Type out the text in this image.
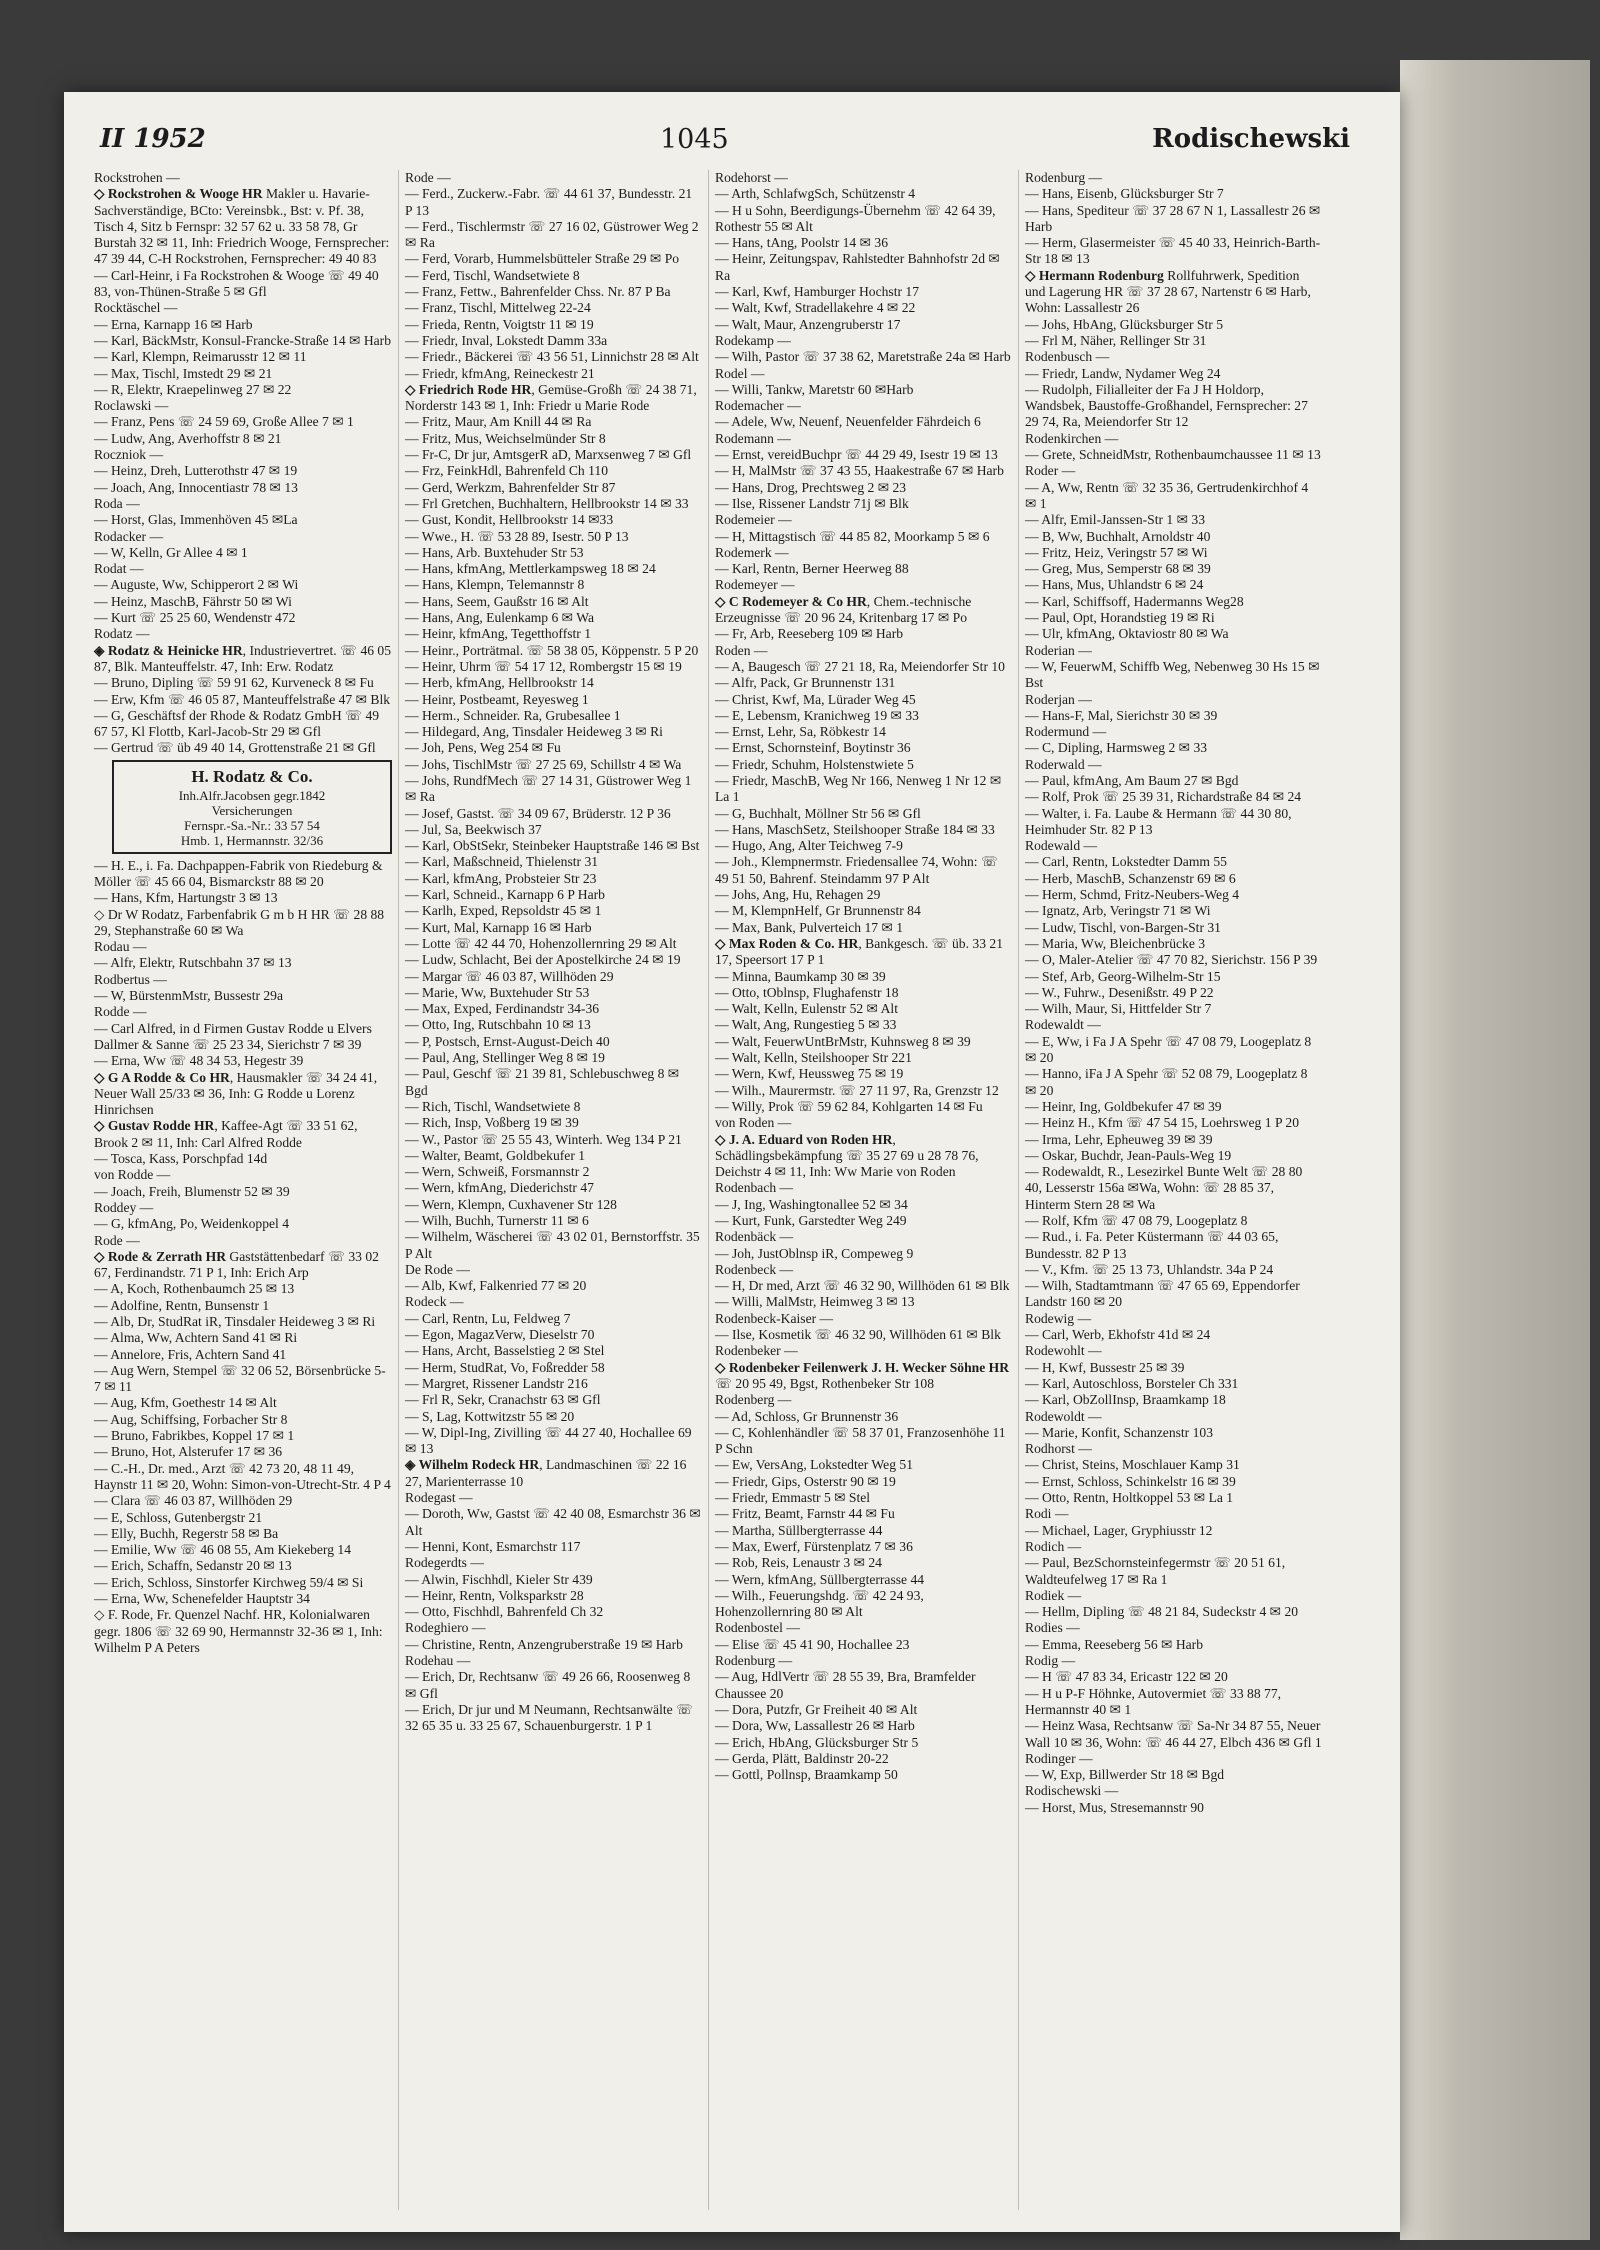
II 1952	1045	Rodischewski
Rockstrohen —
◇ Rockstrohen & Wooge HR Makler u. Havarie-Sachverständige, BCto: Vereinsbk., Bst: v. Pf. 38, Tisch 4, Sitz b Fernspr: 32 57 62 u. 33 58 78, Gr Burstah 32 ✉ 11, Inh: Friedrich Wooge, Fernsprecher: 47 39 44, C-H Rockstrohen, Fernsprecher: 49 40 83
— Carl-Heinr, i Fa Rockstrohen & Wooge ☏ 49 40 83, von-Thünen-Straße 5 ✉ Gfl
Rocktäschel —
— Erna, Karnapp 16 ✉ Harb
— Karl, BäckMstr, Konsul-Francke-Straße 14 ✉ Harb
— Karl, Klempn, Reimarusstr 12 ✉ 11
— Max, Tischl, Imstedt 29 ✉ 21
— R, Elektr, Kraepelinweg 27 ✉ 22
Roclawski —
— Franz, Pens ☏ 24 59 69, Große Allee 7 ✉ 1
— Ludw, Ang, Averhoffstr 8 ✉ 21
Roczniok —
— Heinz, Dreh, Lutterothstr 47 ✉ 19
— Joach, Ang, Innocentiastr 78 ✉ 13
Roda —
— Horst, Glas, Immenhöven 45 ✉La
Rodacker —
— W, Kelln, Gr Allee 4 ✉ 1
Rodat —
— Auguste, Ww, Schipperort 2 ✉ Wi
— Heinz, MaschB, Fährstr 50 ✉ Wi
— Kurt ☏ 25 25 60, Wendenstr 472
Rodatz —
◈ Rodatz & Heinicke HR, Industrievertret. ☏ 46 05 87, Blk. Manteuffelstr. 47, Inh: Erw. Rodatz
— Bruno, Dipling ☏ 59 91 62, Kurveneck 8 ✉ Fu
— Erw, Kfm ☏ 46 05 87, Manteuffelstraße 47 ✉ Blk
— G, Geschäftsf der Rhode & Rodatz GmbH ☏ 49 67 57, Kl Flottb, Karl-Jacob-Str 29 ✉ Gfl
— Gertrud ☏ üb 49 40 14, Grottenstraße 21 ✉ Gfl
H. Rodatz & Co.
Inh.Alfr.Jacobsen gegr.1842
Versicherungen
Fernspr.-Sa.-Nr.: 33 57 54
Hmb. 1, Hermannstr. 32/36
— H. E., i. Fa. Dachpappen-Fabrik von Riedeburg & Möller ☏ 45 66 04, Bismarckstr 88 ✉ 20
— Hans, Kfm, Hartungstr 3 ✉ 13
◇ Dr W Rodatz, Farbenfabrik G m b H HR ☏ 28 88 29, Stephanstraße 60 ✉ Wa
Rodau —
— Alfr, Elektr, Rutschbahn 37 ✉ 13
Rodbertus —
— W, BürstenmMstr, Bussestr 29a
Rodde —
— Carl Alfred, in d Firmen Gustav Rodde u Elvers Dallmer & Sanne ☏ 25 23 34, Sierichstr 7 ✉ 39
— Erna, Ww ☏ 48 34 53, Hegestr 39
◇ G A Rodde & Co HR, Hausmakler ☏ 34 24 41, Neuer Wall 25/33 ✉ 36, Inh: G Rodde u Lorenz Hinrichsen
◇ Gustav Rodde HR, Kaffee-Agt ☏ 33 51 62, Brook 2 ✉ 11, Inh: Carl Alfred Rodde
— Tosca, Kass, Porschpfad 14d
von Rodde —
— Joach, Freih, Blumenstr 52 ✉ 39
Roddey —
— G, kfmAng, Po, Weidenkoppel 4
Rode —
◇ Rode & Zerrath HR Gaststättenbedarf ☏ 33 02 67, Ferdinandstr. 71 P 1, Inh: Erich Arp
— A, Koch, Rothenbaumch 25 ✉ 13
— Adolfine, Rentn, Bunsenstr 1
— Alb, Dr, StudRat iR, Tinsdaler Heideweg 3 ✉ Ri
— Alma, Ww, Achtern Sand 41 ✉ Ri
— Annelore, Fris, Achtern Sand 41
— Aug Wern, Stempel ☏ 32 06 52, Börsenbrücke 5-7 ✉ 11
— Aug, Kfm, Goethestr 14 ✉ Alt
— Aug, Schiffsing, Forbacher Str 8
— Bruno, Fabrikbes, Koppel 17 ✉ 1
— Bruno, Hot, Alsterufer 17 ✉ 36
— C.-H., Dr. med., Arzt ☏ 42 73 20, 48 11 49, Haynstr 11 ✉ 20, Wohn: Simon-von-Utrecht-Str. 4 P 4
— Clara ☏ 46 03 87, Willhöden 29
— E, Schloss, Gutenbergstr 21
— Elly, Buchh, Regerstr 58 ✉ Ba
— Emilie, Ww ☏ 46 08 55, Am Kiekeberg 14
— Erich, Schaffn, Sedanstr 20 ✉ 13
— Erich, Schloss, Sinstorfer Kirchweg 59/4 ✉ Si
— Erna, Ww, Schenefelder Hauptstr 34
◇ F. Rode, Fr. Quenzel Nachf. HR, Kolonialwaren gegr. 1806 ☏ 32 69 90, Hermannstr 32-36 ✉ 1, Inh: Wilhelm P A Peters
Rode —
— Ferd., Zuckerw.-Fabr. ☏ 44 61 37, Bundesstr. 21 P 13
— Ferd., Tischlermstr ☏ 27 16 02, Güstrower Weg 2 ✉ Ra
— Ferd, Vorarb, Hummelsbütteler Straße 29 ✉ Po
— Ferd, Tischl, Wandsetwiete 8
— Franz, Fettw., Bahrenfelder Chss. Nr. 87 P Ba
— Franz, Tischl, Mittelweg 22-24
— Frieda, Rentn, Voigtstr 11 ✉ 19
— Friedr, Inval, Lokstedt Damm 33a
— Friedr., Bäckerei ☏ 43 56 51, Linnichstr 28 ✉ Alt
— Friedr, kfmAng, Reineckestr 21
◇ Friedrich Rode HR, Gemüse-Großh ☏ 24 38 71, Norderstr 143 ✉ 1, Inh: Friedr u Marie Rode
— Fritz, Maur, Am Knill 44 ✉ Ra
— Fritz, Mus, Weichselmünder Str 8
— Fr-C, Dr jur, AmtsgerR aD, Marxsenweg 7 ✉ Gfl
— Frz, FeinkHdl, Bahrenfeld Ch 110
— Gerd, Werkzm, Bahrenfelder Str 87
— Frl Gretchen, Buchhaltern, Hellbrookstr 14 ✉ 33
— Gust, Kondit, Hellbrookstr 14 ✉33
— Wwe., H. ☏ 53 28 89, Isestr. 50 P 13
— Hans, Arb. Buxtehuder Str 53
— Hans, kfmAng, Mettlerkampsweg 18 ✉ 24
— Hans, Klempn, Telemannstr 8
— Hans, Seem, Gaußstr 16 ✉ Alt
— Hans, Ang, Eulenkamp 6 ✉ Wa
— Heinr, kfmAng, Tegetthoffstr 1
— Heinr., Porträtmal. ☏ 58 38 05, Köppenstr. 5 P 20
— Heinr, Uhrm ☏ 54 17 12, Rombergstr 15 ✉ 19
— Herb, kfmAng, Hellbrookstr 14
— Heinr, Postbeamt, Reyesweg 1
— Herm., Schneider. Ra, Grubesallee 1
— Hildegard, Ang, Tinsdaler Heideweg 3 ✉ Ri
— Joh, Pens, Weg 254 ✉ Fu
— Johs, TischlMstr ☏ 27 25 69, Schillstr 4 ✉ Wa
— Johs, RundfMech ☏ 27 14 31, Güstrower Weg 1 ✉ Ra
— Josef, Gastst. ☏ 34 09 67, Brüderstr. 12 P 36
— Jul, Sa, Beekwisch 37
— Karl, ObStSekr, Steinbeker Hauptstraße 146 ✉ Bst
— Karl, Maßschneid, Thielenstr 31
— Karl, kfmAng, Probsteier Str 23
— Karl, Schneid., Karnapp 6 P Harb
— Karlh, Exped, Repsoldstr 45 ✉ 1
— Kurt, Mal, Karnapp 16 ✉ Harb
— Lotte ☏ 42 44 70, Hohenzollernring 29 ✉ Alt
— Ludw, Schlacht, Bei der Apostelkirche 24 ✉ 19
— Margar ☏ 46 03 87, Willhöden 29
— Marie, Ww, Buxtehuder Str 53
— Max, Exped, Ferdinandstr 34-36
— Otto, Ing, Rutschbahn 10 ✉ 13
— P, Postsch, Ernst-August-Deich 40
— Paul, Ang, Stellinger Weg 8 ✉ 19
— Paul, Geschf ☏ 21 39 81, Schlebuschweg 8 ✉ Bgd
— Rich, Tischl, Wandsetwiete 8
— Rich, Insp, Voßberg 19 ✉ 39
— W., Pastor ☏ 25 55 43, Winterh. Weg 134 P 21
— Walter, Beamt, Goldbekufer 1
— Wern, Schweiß, Forsmannstr 2
— Wern, kfmAng, Diederichstr 47
— Wern, Klempn, Cuxhavener Str 128
— Wilh, Buchh, Turnerstr 11 ✉ 6
— Wilhelm, Wäscherei ☏ 43 02 01, Bernstorffstr. 35 P Alt
De Rode —
— Alb, Kwf, Falkenried 77 ✉ 20
Rodeck —
— Carl, Rentn, Lu, Feldweg 7
— Egon, MagazVerw, Dieselstr 70
— Hans, Archt, Basselstieg 2 ✉ Stel
— Herm, StudRat, Vo, Foßredder 58
— Margret, Rissener Landstr 216
— Frl R, Sekr, Cranachstr 63 ✉ Gfl
— S, Lag, Kottwitzstr 55 ✉ 20
— W, Dipl-Ing, Zivilling ☏ 44 27 40, Hochallee 69 ✉ 13
◈ Wilhelm Rodeck HR, Landmaschinen ☏ 22 16 27, Marienterrasse 10
Rodegast —
— Doroth, Ww, Gastst ☏ 42 40 08, Esmarchstr 36 ✉ Alt
— Henni, Kont, Esmarchstr 117
Rodegerdts —
— Alwin, Fischhdl, Kieler Str 439
— Heinr, Rentn, Volksparkstr 28
— Otto, Fischhdl, Bahrenfeld Ch 32
Rodeghiero —
— Christine, Rentn, Anzengruberstraße 19 ✉ Harb
Rodehau —
— Erich, Dr, Rechtsanw ☏ 49 26 66, Roosenweg 8 ✉ Gfl
— Erich, Dr jur und M Neumann, Rechtsanwälte ☏ 32 65 35 u. 33 25 67, Schauenburgerstr. 1 P 1
Rodehorst —
— Arth, SchlafwgSch, Schützenstr 4
— H u Sohn, Beerdigungs-Übernehm ☏ 42 64 39, Rothestr 55 ✉ Alt
— Hans, tAng, Poolstr 14 ✉ 36
— Heinr, Zeitungspav, Rahlstedter Bahnhofstr 2d ✉ Ra
— Karl, Kwf, Hamburger Hochstr 17
— Walt, Kwf, Stradellakehre 4 ✉ 22
— Walt, Maur, Anzengruberstr 17
Rodekamp —
— Wilh, Pastor ☏ 37 38 62, Maretstraße 24a ✉ Harb
Rodel —
— Willi, Tankw, Maretstr 60 ✉Harb
Rodemacher —
— Adele, Ww, Neuenf, Neuenfelder Fährdeich 6
Rodemann —
— Ernst, vereidBuchpr ☏ 44 29 49, Isestr 19 ✉ 13
— H, MalMstr ☏ 37 43 55, Haakestraße 67 ✉ Harb
— Hans, Drog, Prechtsweg 2 ✉ 23
— Ilse, Rissener Landstr 71j ✉ Blk
Rodemeier —
— H, Mittagstisch ☏ 44 85 82, Moorkamp 5 ✉ 6
Rodemerk —
— Karl, Rentn, Berner Heerweg 88
Rodemeyer —
◇ C Rodemeyer & Co HR, Chem.-technische Erzeugnisse ☏ 20 96 24, Kritenbarg 17 ✉ Po
— Fr, Arb, Reeseberg 109 ✉ Harb
Roden —
— A, Baugesch ☏ 27 21 18, Ra, Meiendorfer Str 10
— Alfr, Pack, Gr Brunnenstr 131
— Christ, Kwf, Ma, Lürader Weg 45
— E, Lebensm, Kranichweg 19 ✉ 33
— Ernst, Lehr, Sa, Röbkestr 14
— Ernst, Schornsteinf, Boytinstr 36
— Friedr, Schuhm, Holstenstwiete 5
— Friedr, MaschB, Weg Nr 166, Nenweg 1 Nr 12 ✉ La 1
— G, Buchhalt, Möllner Str 56 ✉ Gfl
— Hans, MaschSetz, Steilshooper Straße 184 ✉ 33
— Hugo, Ang, Alter Teichweg 7-9
— Joh., Klempnermstr. Friedensallee 74, Wohn: ☏ 49 51 50, Bahrenf. Steindamm 97 P Alt
— Johs, Ang, Hu, Rehagen 29
— M, KlempnHelf, Gr Brunnenstr 84
— Max, Bank, Pulverteich 17 ✉ 1
◇ Max Roden & Co. HR, Bankgesch. ☏ üb. 33 21 17, Speersort 17 P 1
— Minna, Baumkamp 30 ✉ 39
— Otto, tOblnsp, Flughafenstr 18
— Walt, Kelln, Eulenstr 52 ✉ Alt
— Walt, Ang, Rungestieg 5 ✉ 33
— Walt, FeuerwUntBrMstr, Kuhnsweg 8 ✉ 39
— Walt, Kelln, Steilshooper Str 221
— Wern, Kwf, Heussweg 75 ✉ 19
— Wilh., Maurermstr. ☏ 27 11 97, Ra, Grenzstr 12
— Willy, Prok ☏ 59 62 84, Kohlgarten 14 ✉ Fu
von Roden —
◇ J. A. Eduard von Roden HR, Schädlingsbekämpfung ☏ 35 27 69 u 28 78 76, Deichstr 4 ✉ 11, Inh: Ww Marie von Roden
Rodenbach —
— J, Ing, Washingtonallee 52 ✉ 34
— Kurt, Funk, Garstedter Weg 249
Rodenbäck —
— Joh, JustOblnsp iR, Compeweg 9
Rodenbeck —
— H, Dr med, Arzt ☏ 46 32 90, Willhöden 61 ✉ Blk
— Willi, MalMstr, Heimweg 3 ✉ 13
Rodenbeck-Kaiser —
— Ilse, Kosmetik ☏ 46 32 90, Willhöden 61 ✉ Blk
Rodenbeker —
◇ Rodenbeker Feilenwerk J. H. Wecker Söhne HR ☏ 20 95 49, Bgst, Rothenbeker Str 108
Rodenberg —
— Ad, Schloss, Gr Brunnenstr 36
— C, Kohlenhändler ☏ 58 37 01, Franzosenhöhe 11 P Schn
— Ew, VersAng, Lokstedter Weg 51
— Friedr, Gips, Osterstr 90 ✉ 19
— Friedr, Emmastr 5 ✉ Stel
— Fritz, Beamt, Farnstr 44 ✉ Fu
— Martha, Süllbergterrasse 44
— Max, Ewerf, Fürstenplatz 7 ✉ 36
— Rob, Reis, Lenaustr 3 ✉ 24
— Wern, kfmAng, Süllbergterrasse 44
— Wilh., Feuerungshdg. ☏ 42 24 93, Hohenzollernring 80 ✉ Alt
Rodenbostel —
— Elise ☏ 45 41 90, Hochallee 23
Rodenburg —
— Aug, HdlVertr ☏ 28 55 39, Bra, Bramfelder Chaussee 20
— Dora, Putzfr, Gr Freiheit 40 ✉ Alt
— Dora, Ww, Lassallestr 26 ✉ Harb
— Erich, HbAng, Glücksburger Str 5
— Gerda, Plätt, Baldinstr 20-22
— Gottl, Pollnsp, Braamkamp 50
Rodenburg —
— Hans, Eisenb, Glücksburger Str 7
— Hans, Spediteur ☏ 37 28 67 N 1, Lassallestr 26 ✉ Harb
— Herm, Glasermeister ☏ 45 40 33, Heinrich-Barth-Str 18 ✉ 13
◇ Hermann Rodenburg Rollfuhrwerk, Spedition und Lagerung HR ☏ 37 28 67, Nartenstr 6 ✉ Harb, Wohn: Lassallestr 26
— Johs, HbAng, Glücksburger Str 5
— Frl M, Näher, Rellinger Str 31
Rodenbusch —
— Friedr, Landw, Nydamer Weg 24
— Rudolph, Filialleiter der Fa J H Holdorp, Wandsbek, Baustoffe-Großhandel, Fernsprecher: 27 29 74, Ra, Meiendorfer Str 12
Rodenkirchen —
— Grete, SchneidMstr, Rothenbaumchaussee 11 ✉ 13
Roder —
— A, Ww, Rentn ☏ 32 35 36, Gertrudenkirchhof 4 ✉ 1
— Alfr, Emil-Janssen-Str 1 ✉ 33
— B, Ww, Buchhalt, Arnoldstr 40
— Fritz, Heiz, Veringstr 57 ✉ Wi
— Greg, Mus, Semperstr 68 ✉ 39
— Hans, Mus, Uhlandstr 6 ✉ 24
— Karl, Schiffsoff, Hadermanns Weg28
— Paul, Opt, Horandstieg 19 ✉ Ri
— Ulr, kfmAng, Oktaviostr 80 ✉ Wa
Roderian —
— W, FeuerwM, Schiffb Weg, Nebenweg 30 Hs 15 ✉ Bst
Roderjan —
— Hans-F, Mal, Sierichstr 30 ✉ 39
Rodermund —
— C, Dipling, Harmsweg 2 ✉ 33
Roderwald —
— Paul, kfmAng, Am Baum 27 ✉ Bgd
— Rolf, Prok ☏ 25 39 31, Richardstraße 84 ✉ 24
— Walter, i. Fa. Laube & Hermann ☏ 44 30 80, Heimhuder Str. 82 P 13
Rodewald —
— Carl, Rentn, Lokstedter Damm 55
— Herb, MaschB, Schanzenstr 69 ✉ 6
— Herm, Schmd, Fritz-Neubers-Weg 4
— Ignatz, Arb, Veringstr 71 ✉ Wi
— Ludw, Tischl, von-Bargen-Str 31
— Maria, Ww, Bleichenbrücke 3
— O, Maler-Atelier ☏ 47 70 82, Sierichstr. 156 P 39
— Stef, Arb, Georg-Wilhelm-Str 15
— W., Fuhrw., Desenißstr. 49 P 22
— Wilh, Maur, Si, Hittfelder Str 7
Rodewaldt —
— E, Ww, i Fa J A Spehr ☏ 47 08 79, Loogeplatz 8 ✉ 20
— Hanno, iFa J A Spehr ☏ 52 08 79, Loogeplatz 8 ✉ 20
— Heinr, Ing, Goldbekufer 47 ✉ 39
— Heinz H., Kfm ☏ 47 54 15, Loehrsweg 1 P 20
— Irma, Lehr, Epheuweg 39 ✉ 39
— Oskar, Buchdr, Jean-Pauls-Weg 19
— Rodewaldt, R., Lesezirkel Bunte Welt ☏ 28 80 40, Lesserstr 156a ✉Wa, Wohn: ☏ 28 85 37, Hinterm Stern 28 ✉ Wa
— Rolf, Kfm ☏ 47 08 79, Loogeplatz 8
— Rud., i. Fa. Peter Küstermann ☏ 44 03 65, Bundesstr. 82 P 13
— V., Kfm. ☏ 25 13 73, Uhlandstr. 34a P 24
— Wilh, Stadtamtmann ☏ 47 65 69, Eppendorfer Landstr 160 ✉ 20
Rodewig —
— Carl, Werb, Ekhofstr 41d ✉ 24
Rodewohlt —
— H, Kwf, Bussestr 25 ✉ 39
— Karl, Autoschloss, Borsteler Ch 331
— Karl, ObZollInsp, Braamkamp 18
Rodewoldt —
— Marie, Konfit, Schanzenstr 103
Rodhorst —
— Christ, Steins, Moschlauer Kamp 31
— Ernst, Schloss, Schinkelstr 16 ✉ 39
— Otto, Rentn, Holtkoppel 53 ✉ La 1
Rodi —
— Michael, Lager, Gryphiusstr 12
Rodich —
— Paul, BezSchornsteinfegermstr ☏ 20 51 61, Waldteufelweg 17 ✉ Ra 1
Rodiek —
— Hellm, Dipling ☏ 48 21 84, Sudeckstr 4 ✉ 20
Rodies —
— Emma, Reeseberg 56 ✉ Harb
Rodig —
— H ☏ 47 83 34, Ericastr 122 ✉ 20
— H u P-F Höhnke, Autovermiet ☏ 33 88 77, Hermannstr 40 ✉ 1
— Heinz Wasa, Rechtsanw ☏ Sa-Nr 34 87 55, Neuer Wall 10 ✉ 36, Wohn: ☏ 46 44 27, Elbch 436 ✉ Gfl 1
Rodinger —
— W, Exp, Billwerder Str 18 ✉ Bgd
Rodischewski —
— Horst, Mus, Stresemannstr 90
